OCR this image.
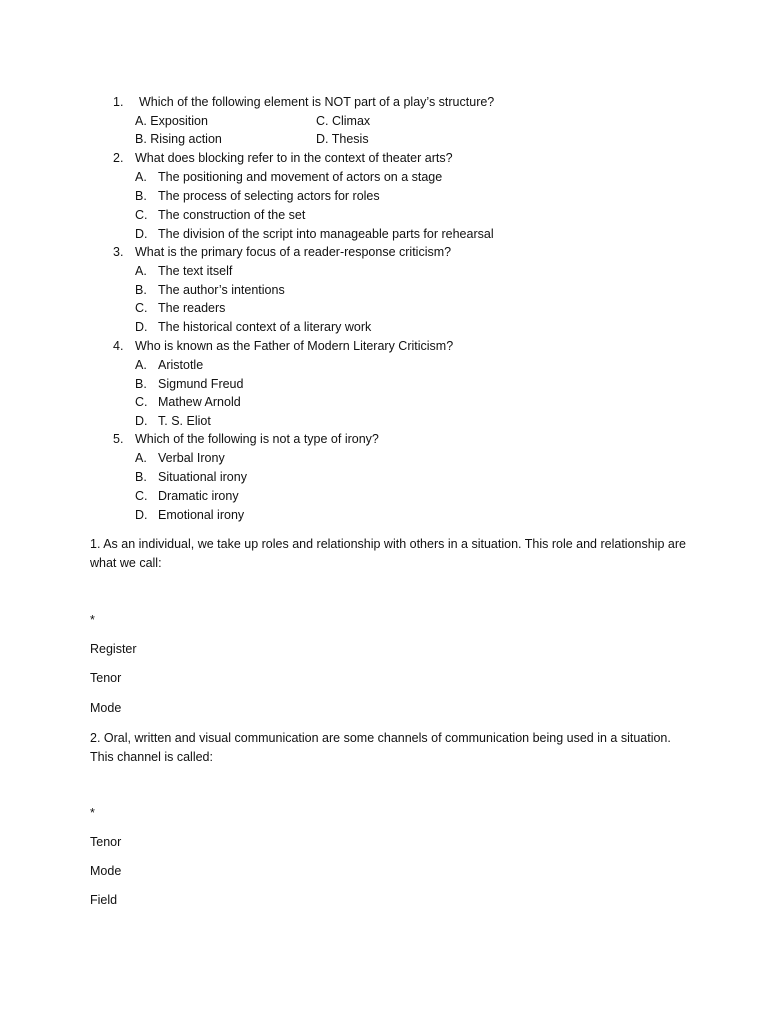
1. Which of the following element is NOT part of a play’s structure?
A. Exposition	C. Climax
B. Rising action	D. Thesis
2. What does blocking refer to in the context of theater arts?
A. The positioning and movement of actors on a stage
B. The process of selecting actors for roles
C. The construction of the set
D. The division of the script into manageable parts for rehearsal
3. What is the primary focus of a reader-response criticism?
A. The text itself
B. The author’s intentions
C. The readers
D. The historical context of a literary work
4. Who is known as the Father of Modern Literary Criticism?
A. Aristotle
B. Sigmund Freud
C. Mathew Arnold
D. T. S. Eliot
5. Which of the following is not a type of irony?
A. Verbal Irony
B. Situational irony
C. Dramatic irony
D. Emotional irony
1. As an individual, we take up roles and relationship with others in a situation. This role and relationship are what we call:
*
Register
Tenor
Mode
2. Oral, written and visual communication are some channels of communication being used in a situation. This channel is called:
*
Tenor
Mode
Field
